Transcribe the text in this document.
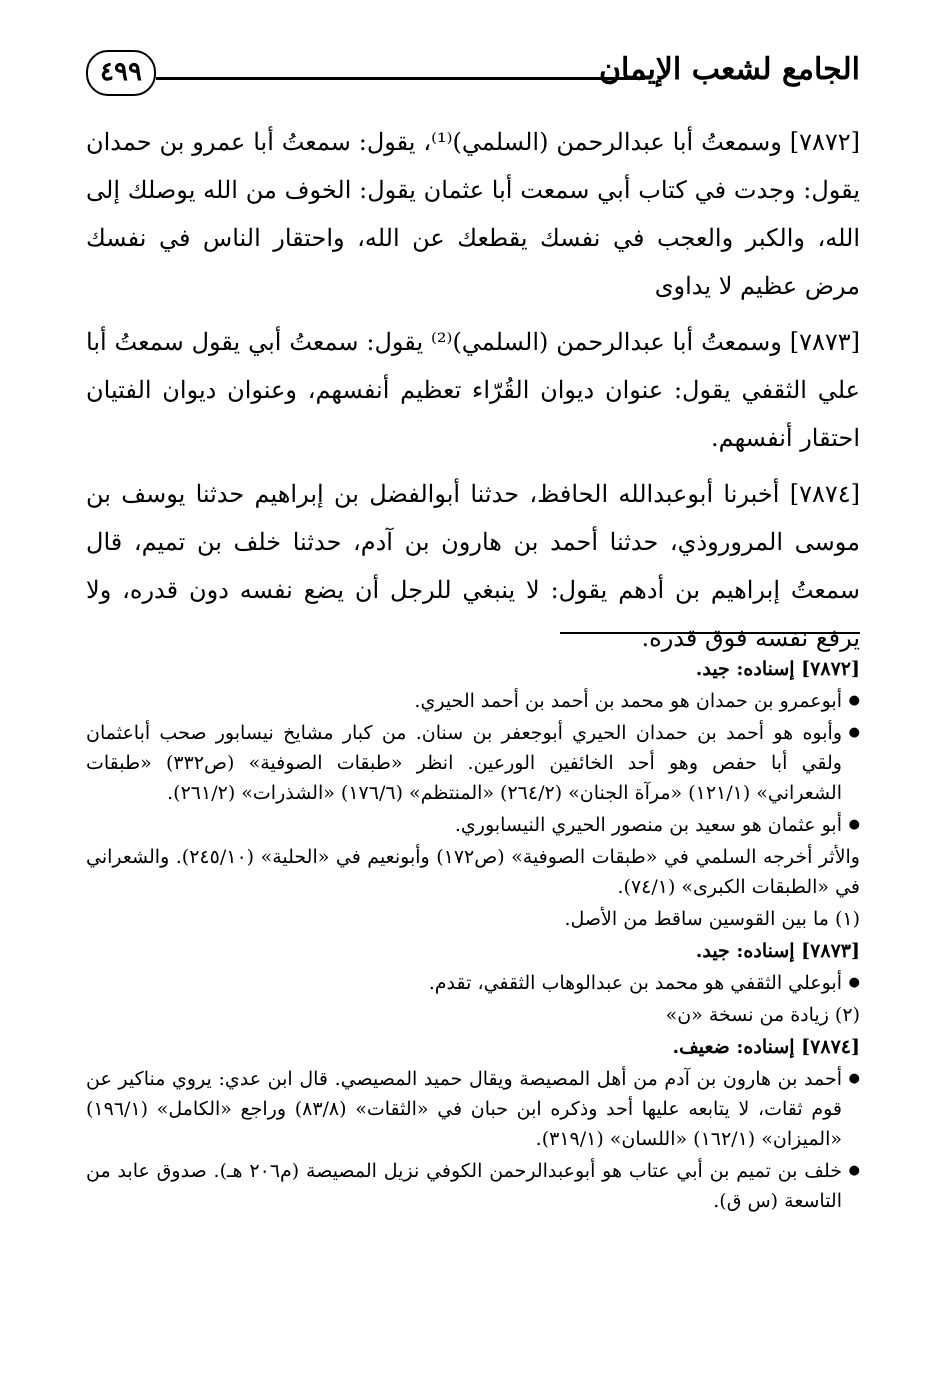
الجامع لشعب الإيمان
٤٩٩

[٧٨٧٢] وسمعتُ أبا عبدالرحمن (السلمي)⁽¹⁾، يقول: سمعتُ أبا عمرو بن حمدان يقول: وجدت في كتاب أبي سمعت أبا عثمان يقول: الخوف من الله يوصلك إلى الله، والكبر والعجب في نفسك يقطعك عن الله، واحتقار الناس في نفسك مرض عظيم لا يداوى

[٧٨٧٣] وسمعتُ أبا عبدالرحمن (السلمي)⁽²⁾ يقول: سمعتُ أبي يقول سمعتُ أبا علي الثقفي يقول: عنوان ديوان القُرّاء تعظيم أنفسهم، وعنوان ديوان الفتيان احتقار أنفسهم.

[٧٨٧٤] أخبرنا أبوعبدالله الحافظ، حدثنا أبوالفضل بن إبراهيم حدثنا يوسف بن موسى المروروذي، حدثنا أحمد بن هارون بن آدم، حدثنا خلف بن تميم، قال سمعتُ إبراهيم بن أدهم يقول: لا ينبغي للرجل أن يضع نفسه دون قدره، ولا يرفع نفسه فوق قدره.

[٧٨٧٢] إسناده: جيد.

● أبوعمرو بن حمدان هو محمد بن أحمد بن أحمد الحيري.

● وأبوه هو أحمد بن حمدان الحيري أبوجعفر بن سنان. من كبار مشايخ نيسابور صحب أباعثمان ولقي أبا حفص وهو أحد الخائفين الورعين. انظر «طبقات الصوفية» (ص٣٣٢) «طبقات الشعراني» (١٢١/١) «مرآة الجنان» (٢٦٤/٢) «المنتظم» (١٧٦/٦) «الشذرات» (٢٦١/٢).

● أبو عثمان هو سعيد بن منصور الحيري النيسابوري.

والأثر أخرجه السلمي في «طبقات الصوفية» (ص١٧٢) وأبونعيم في «الحلية» (٢٤٥/١٠). والشعراني في «الطبقات الكبرى» (٧٤/١).

(١) ما بين القوسين ساقط من الأصل.

[٧٨٧٣] إسناده: جيد.

● أبوعلي الثقفي هو محمد بن عبدالوهاب الثقفي، تقدم.

(٢) زيادة من نسخة «ن»

[٧٨٧٤] إسناده: ضعيف.

● أحمد بن هارون بن آدم من أهل المصيصة ويقال حميد المصيصي. قال ابن عدي: يروي مناكير عن قوم ثقات، لا يتابعه عليها أحد وذكره ابن حبان في «الثقات» (٨٣/٨) وراجع «الكامل» (١٩٦/١) «الميزان» (١٦٢/١) «اللسان» (٣١٩/١).

● خلف بن تميم بن أبي عتاب هو أبوعبدالرحمن الكوفي نزيل المصيصة (م٢٠٦ هـ). صدوق عابد من التاسعة (س ق).
